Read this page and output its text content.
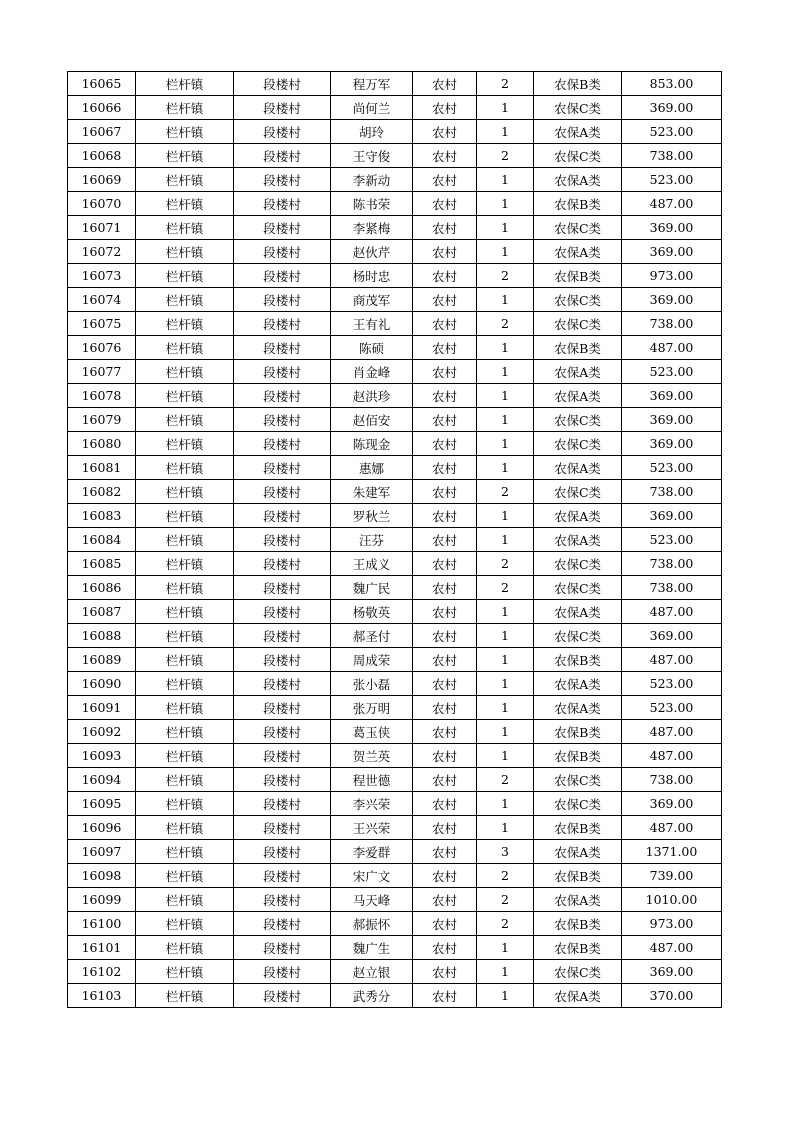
16065	栏杆镇	段楼村	程万军	农村	2	农保B类	853.00
16066	栏杆镇	段楼村	尚何兰	农村	1	农保C类	369.00
16067	栏杆镇	段楼村	胡玲	农村	1	农保A类	523.00
16068	栏杆镇	段楼村	王守俊	农村	2	农保C类	738.00
16069	栏杆镇	段楼村	李新动	农村	1	农保A类	523.00
16070	栏杆镇	段楼村	陈书荣	农村	1	农保B类	487.00
16071	栏杆镇	段楼村	李紧梅	农村	1	农保C类	369.00
16072	栏杆镇	段楼村	赵伙芹	农村	1	农保A类	369.00
16073	栏杆镇	段楼村	杨时忠	农村	2	农保B类	973.00
16074	栏杆镇	段楼村	商茂军	农村	1	农保C类	369.00
16075	栏杆镇	段楼村	王有礼	农村	2	农保C类	738.00
16076	栏杆镇	段楼村	陈硕	农村	1	农保B类	487.00
16077	栏杆镇	段楼村	肖金峰	农村	1	农保A类	523.00
16078	栏杆镇	段楼村	赵洪珍	农村	1	农保A类	369.00
16079	栏杆镇	段楼村	赵佰安	农村	1	农保C类	369.00
16080	栏杆镇	段楼村	陈现金	农村	1	农保C类	369.00
16081	栏杆镇	段楼村	惠娜	农村	1	农保A类	523.00
16082	栏杆镇	段楼村	朱建军	农村	2	农保C类	738.00
16083	栏杆镇	段楼村	罗秋兰	农村	1	农保A类	369.00
16084	栏杆镇	段楼村	汪芬	农村	1	农保A类	523.00
16085	栏杆镇	段楼村	王成义	农村	2	农保C类	738.00
16086	栏杆镇	段楼村	魏广民	农村	2	农保C类	738.00
16087	栏杆镇	段楼村	杨敬英	农村	1	农保A类	487.00
16088	栏杆镇	段楼村	郝圣付	农村	1	农保C类	369.00
16089	栏杆镇	段楼村	周成荣	农村	1	农保B类	487.00
16090	栏杆镇	段楼村	张小磊	农村	1	农保A类	523.00
16091	栏杆镇	段楼村	张万明	农村	1	农保A类	523.00
16092	栏杆镇	段楼村	葛玉侠	农村	1	农保B类	487.00
16093	栏杆镇	段楼村	贺兰英	农村	1	农保B类	487.00
16094	栏杆镇	段楼村	程世德	农村	2	农保C类	738.00
16095	栏杆镇	段楼村	李兴荣	农村	1	农保C类	369.00
16096	栏杆镇	段楼村	王兴荣	农村	1	农保B类	487.00
16097	栏杆镇	段楼村	李爱群	农村	3	农保A类	1371.00
16098	栏杆镇	段楼村	宋广文	农村	2	农保B类	739.00
16099	栏杆镇	段楼村	马天峰	农村	2	农保A类	1010.00
16100	栏杆镇	段楼村	郝振怀	农村	2	农保B类	973.00
16101	栏杆镇	段楼村	魏广生	农村	1	农保B类	487.00
16102	栏杆镇	段楼村	赵立银	农村	1	农保C类	369.00
16103	栏杆镇	段楼村	武秀分	农村	1	农保A类	370.00
